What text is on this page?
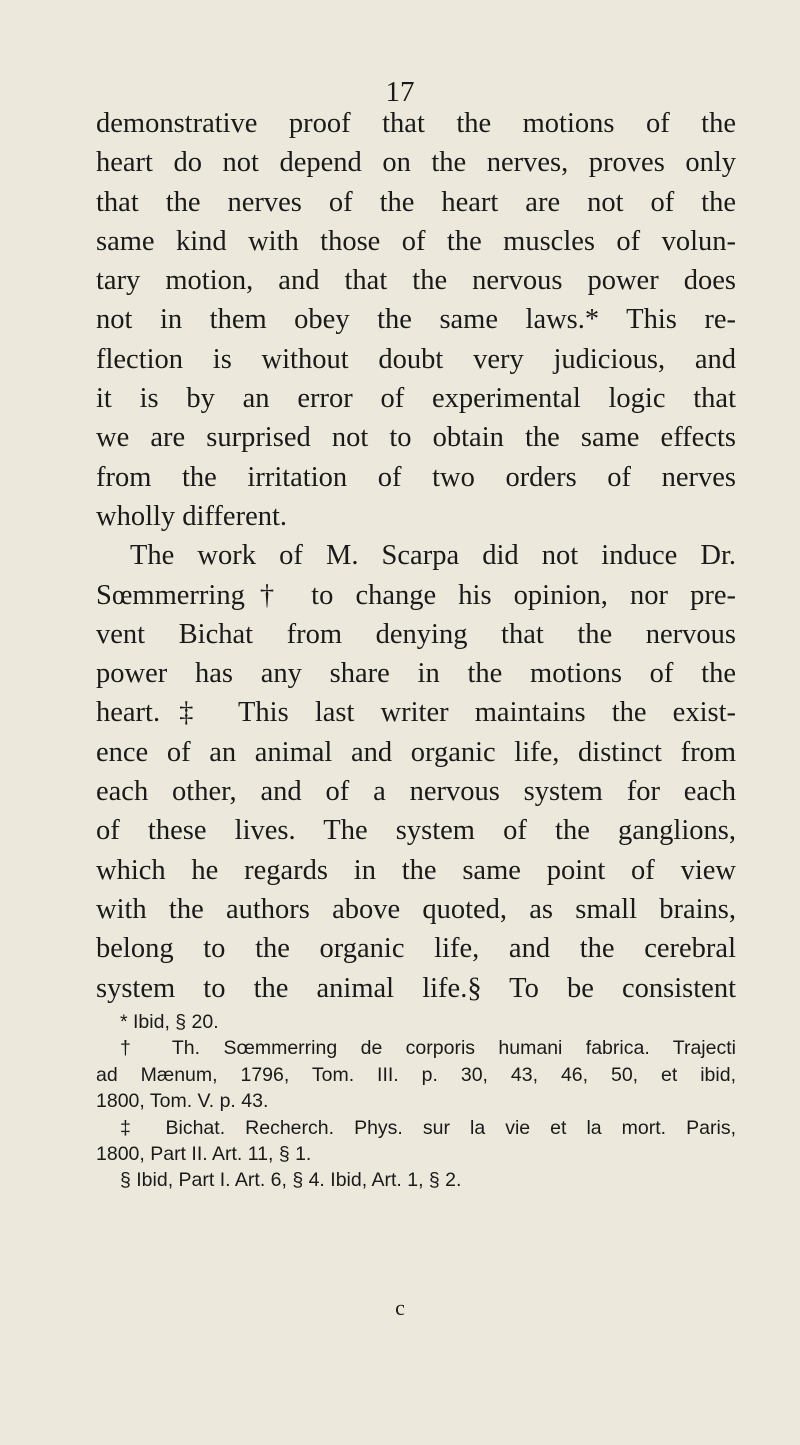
17
demonstrative proof that the motions of the
heart do not depend on the nerves, proves only
that the nerves of the heart are not of the
same kind with those of the muscles of volun-
tary motion, and that the nervous power does
not in them obey the same laws.* This re-
flection is without doubt very judicious, and
it is by an error of experimental logic that
we are surprised not to obtain the same effects
from the irritation of two orders of nerves
wholly different.
The work of M. Scarpa did not induce Dr.
Sœmmerring† to change his opinion, nor pre-
vent Bichat from denying that the nervous
power has any share in the motions of the
heart.‡ This last writer maintains the exist-
ence of an animal and organic life, distinct from
each other, and of a nervous system for each
of these lives. The system of the ganglions,
which he regards in the same point of view
with the authors above quoted, as small brains,
belong to the organic life, and the cerebral
system to the animal life.§ To be consistent
* Ibid, § 20.
† Th. Sœmmerring de corporis humani fabrica. Trajecti
ad Mænum, 1796, Tom. III. p. 30, 43, 46, 50, et ibid,
1800, Tom. V. p. 43.
‡ Bichat. Recherch. Phys. sur la vie et la mort. Paris,
1800, Part II. Art. 11, § 1.
§ Ibid, Part I. Art. 6, § 4. Ibid, Art. 1, § 2.
c
